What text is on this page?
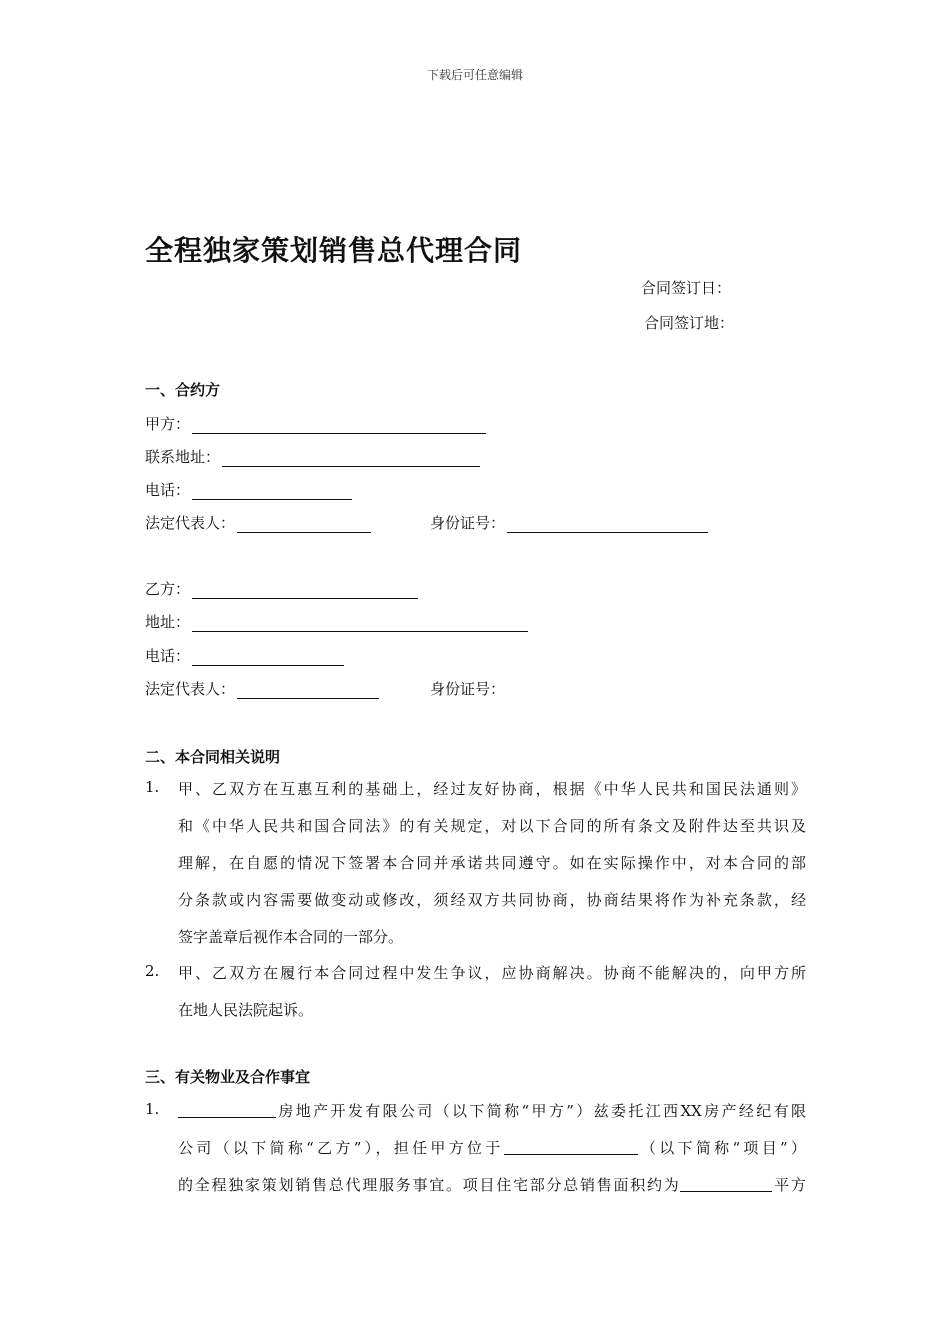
下载后可任意编辑
全程独家策划销售总代理合同
合同签订日：
合同签订地：
一、合约方
甲方：
联系地址：
电话：
法定代表人：	身份证号：
乙方：
地址：
电话：
法定代表人：	身份证号：
二、本合同相关说明
1. 甲、乙双方在互惠互利的基础上，经过友好协商，根据《中华人民共和国民法通则》
和《中华人民共和国合同法》的有关规定，对以下合同的所有条文及附件达至共识及
理解，在自愿的情况下签署本合同并承诺共同遵守。如在实际操作中，对本合同的部
分条款或内容需要做变动或修改，须经双方共同协商，协商结果将作为补充条款，经
签字盖章后视作本合同的一部分。
2. 甲、乙双方在履行本合同过程中发生争议，应协商解决。协商不能解决的，向甲方所
在地人民法院起诉。
三、有关物业及合作事宜
1.	房地产开发有限公司（以下简称“甲方”）兹委托江西XX房产经纪有限
公司（以下简称“乙方”），担任甲方位于	（以下简称“项目”）
的全程独家策划销售总代理服务事宜。项目住宅部分总销售面积约为	平方
